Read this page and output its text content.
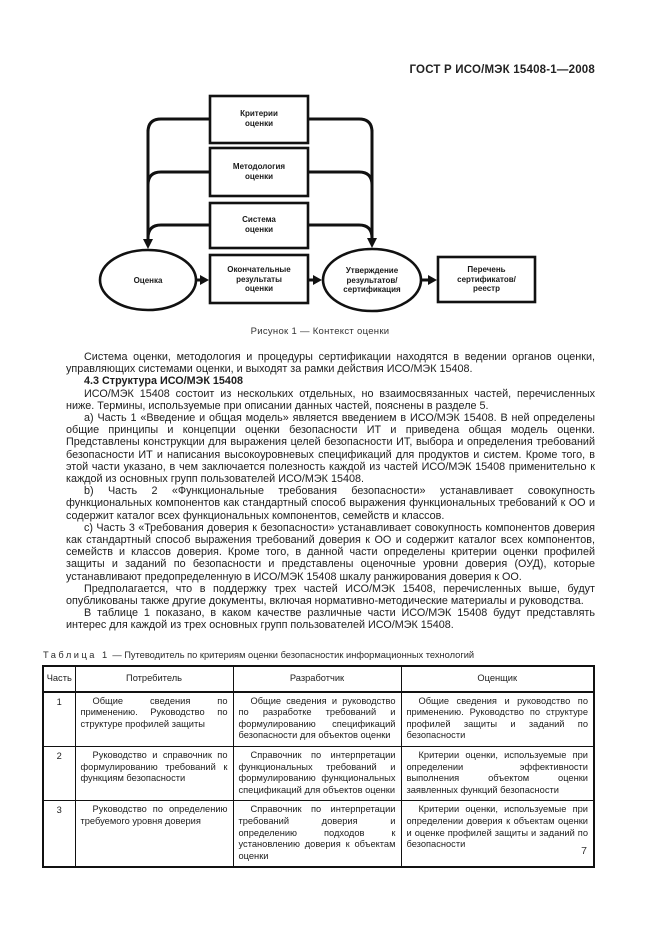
ГОСТ Р ИСО/МЭК 15408-1—2008
Критерии
оценки
Методология
оценки
Система
оценки
Оценка
Окончательные
результаты
оценки
Утверждение
результатов/
сертификация
Перечень
сертификатов/
реестр
Рисунок 1 — Контекст оценки

Система оценки, методология и процедуры сертификации находятся в ведении органов оценки, управляющих системами оценки, и выходят за рамки действия ИСО/МЭК 15408.

4.3 Структура ИСО/МЭК 15408

ИСО/МЭК 15408 состоит из нескольких отдельных, но взаимосвязанных частей, перечисленных ниже. Термины, используемые при описании данных частей, пояснены в разделе 5.

a) Часть 1 «Введение и общая модель» является введением в ИСО/МЭК 15408. В ней определены общие принципы и концепции оценки безопасности ИТ и приведена общая модель оценки. Представлены конструкции для выражения целей безопасности ИТ, выбора и определения требований безопасности ИТ и написания высокоуровневых спецификаций для продуктов и систем. Кроме того, в этой части указано, в чем заключается полезность каждой из частей ИСО/МЭК 15408 применительно к каждой из основных групп пользователей ИСО/МЭК 15408.

b) Часть 2 «Функциональные требования безопасности» устанавливает совокупность функциональных компонентов как стандартный способ выражения функциональных требований к ОО и содержит каталог всех функциональных компонентов, семейств и классов.

c) Часть 3 «Требования доверия к безопасности» устанавливает совокупность компонентов доверия как стандартный способ выражения требований доверия к ОО и содержит каталог всех компонентов, семейств и классов доверия. Кроме того, в данной части определены критерии оценки профилей защиты и заданий по безопасности и представлены оценочные уровни доверия (ОУД), которые устанавливают предопределенную в ИСО/МЭК 15408 шкалу ранжирования доверия к ОО.

Предполагается, что в поддержку трех частей ИСО/МЭК 15408, перечисленных выше, будут опубликованы также другие документы, включая нормативно-методические материалы и руководства.

В таблице 1 показано, в каком качестве различные части ИСО/МЭК 15408 будут представлять интерес для каждой из трех основных групп пользователей ИСО/МЭК 15408.

Таблица 1 — Путеводитель по критериям оценки безопасностик информационных технологий
Часть	Потребитель	Разработчик	Оценщик
1	Общие сведения по применению. Руководство по структуре профилей защиты	Общие сведения и руководство по разработке требований и формулированию спецификаций безопасности для объектов оценки	Общие сведения и руководство по применению. Руководство по структуре профилей защиты и заданий по безопасности
2	Руководство и справочник по формулированию требований к функциям безопасности	Справочник по интерпретации функциональных требований и формулированию функциональных спецификаций для объектов оценки	Критерии оценки, используемые при определении эффективности выполнения объектом оценки заявленных функций безопасности
3	Руководство по определению требуемого уровня доверия	Справочник по интерпретации требований доверия и определению подходов к установлению доверия к объектам оценки	Критерии оценки, используемые при определении доверия к объектам оценки и оценке профилей защиты и заданий по безопасности
7
